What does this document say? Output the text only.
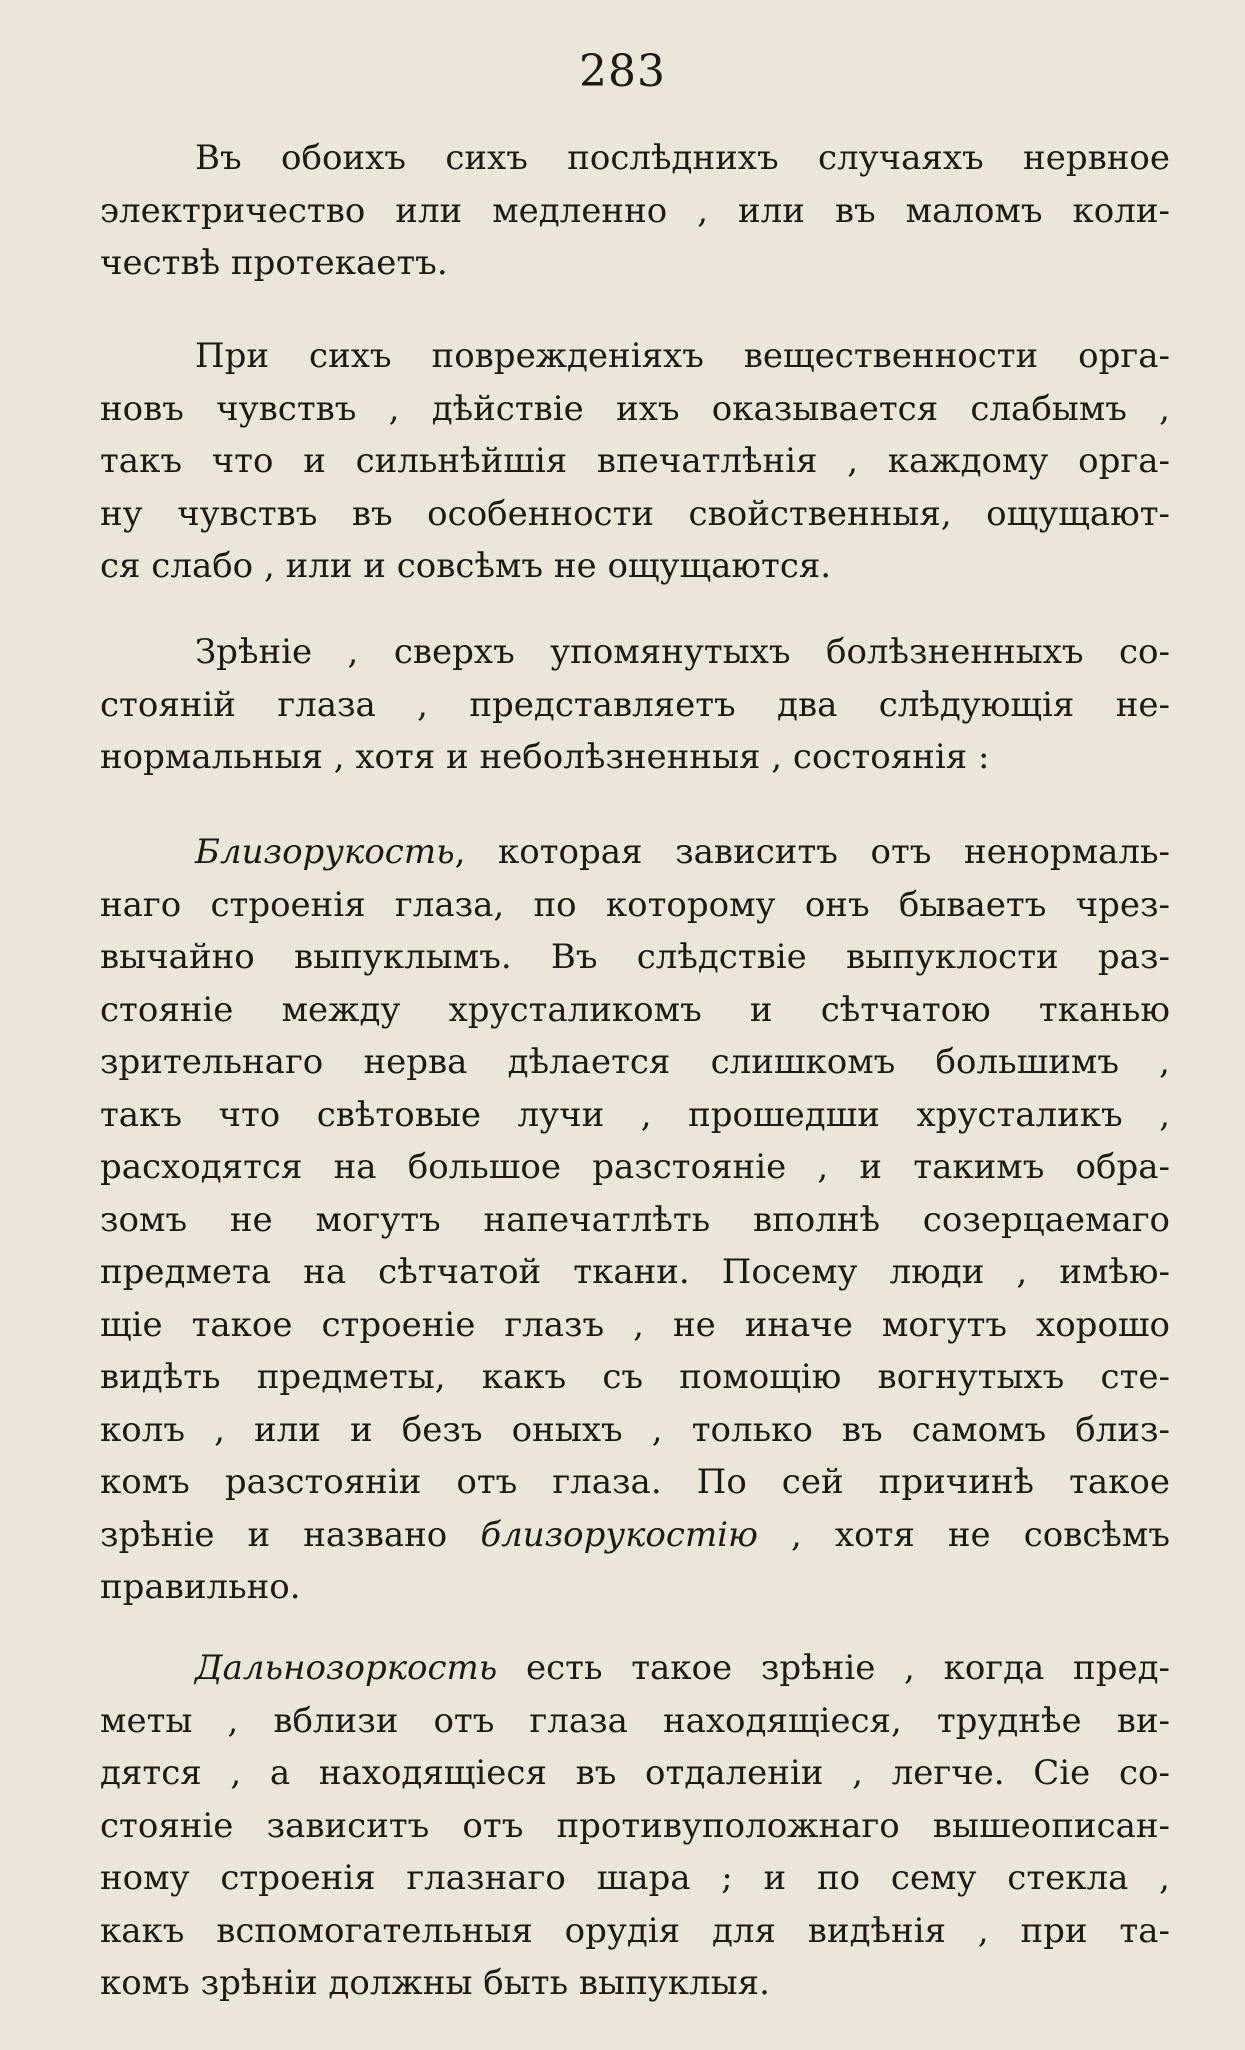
283
Въ обоихъ сихъ послѣднихъ случаяхъ нервное
электричество или медленно , или въ маломъ коли-
чествѣ протекаетъ.
При сихъ поврежденіяхъ вещественности орга-
новъ чувствъ , дѣйствіе ихъ оказывается слабымъ ,
такъ что и сильнѣйшія впечатлѣнія , каждому орга-
ну чувствъ въ особенности свойственныя, ощущают-
ся слабо , или и совсѣмъ не ощущаются.
Зрѣніе , сверхъ упомянутыхъ болѣзненныхъ со-
стояній глаза , представляетъ два слѣдующія не-
нормальныя , хотя и неболѣзненныя , состоянія :
Близорукость, которая зависитъ отъ ненормаль-
наго строенія глаза, по которому онъ бываетъ чрез-
вычайно выпуклымъ. Въ слѣдствіе выпуклости раз-
стояніе между хрусталикомъ и сѣтчатою тканью
зрительнаго нерва дѣлается слишкомъ большимъ ,
такъ что свѣтовые лучи , прошедши хрусталикъ ,
расходятся на большое разстояніе , и такимъ обра-
зомъ не могутъ напечатлѣть вполнѣ созерцаемаго
предмета на сѣтчатой ткани. Посему люди , имѣю-
щіе такое строеніе глазъ , не иначе могутъ хорошо
видѣть предметы, какъ съ помощію вогнутыхъ сте-
колъ , или и безъ оныхъ , только въ самомъ близ-
комъ разстояніи отъ глаза. По сей причинѣ такое
зрѣніе и названо близорукостію , хотя не совсѣмъ
правильно.
Дальнозоркость есть такое зрѣніе , когда пред-
меты , вблизи отъ глаза находящіеся, труднѣе ви-
дятся , а находящіеся въ отдаленіи , легче. Сіе со-
стояніе зависитъ отъ противуположнаго вышеописан-
ному строенія глазнаго шара ; и по сему стекла ,
какъ вспомогательныя орудія для видѣнія , при та-
комъ зрѣніи должны быть выпуклыя.
